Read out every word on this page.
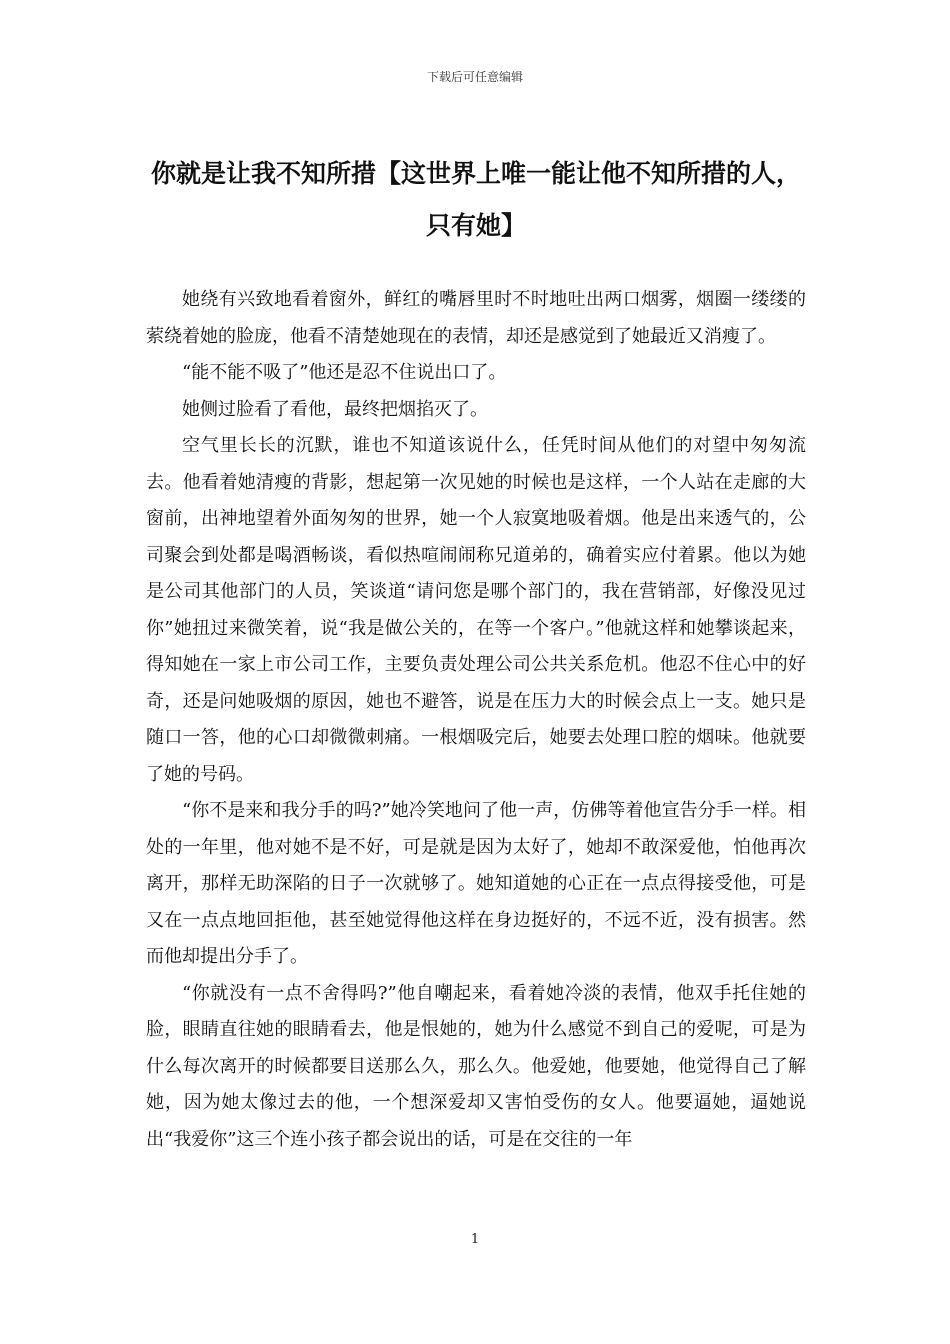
下载后可任意编辑
你就是让我不知所措【这世界上唯一能让他不知所措的人，只有她】

她绕有兴致地看着窗外，鲜红的嘴唇里时不时地吐出两口烟雾，烟圈一缕缕的萦绕着她的脸庞，他看不清楚她现在的表情，却还是感觉到了她最近又消瘦了。

“能不能不吸了”他还是忍不住说出口了。

她侧过脸看了看他，最终把烟掐灭了。

空气里长长的沉默，谁也不知道该说什么，任凭时间从他们的对望中匆匆流去。他看着她清瘦的背影，想起第一次见她的时候也是这样，一个人站在走廊的大窗前，出神地望着外面匆匆的世界，她一个人寂寞地吸着烟。他是出来透气的，公司聚会到处都是喝酒畅谈，看似热喧闹闹称兄道弟的，确着实应付着累。他以为她是公司其他部门的人员，笑谈道“请问您是哪个部门的，我在营销部，好像没见过你”她扭过来微笑着，说“我是做公关的，在等一个客户。”他就这样和她攀谈起来，得知她在一家上市公司工作，主要负责处理公司公共关系危机。他忍不住心中的好奇，还是问她吸烟的原因，她也不避答，说是在压力大的时候会点上一支。她只是随口一答，他的心口却微微刺痛。一根烟吸完后，她要去处理口腔的烟味。他就要了她的号码。

“你不是来和我分手的吗?”她冷笑地问了他一声，仿佛等着他宣告分手一样。相处的一年里，他对她不是不好，可是就是因为太好了，她却不敢深爱他，怕他再次离开，那样无助深陷的日子一次就够了。她知道她的心正在一点点得接受他，可是又在一点点地回拒他，甚至她觉得他这样在身边挺好的，不远不近，没有损害。然而他却提出分手了。

“你就没有一点不舍得吗?”他自嘲起来，看着她冷淡的表情，他双手托住她的脸，眼睛直往她的眼睛看去，他是恨她的，她为什么感觉不到自己的爱呢，可是为什么每次离开的时候都要目送那么久，那么久。他爱她，他要她，他觉得自己了解她，因为她太像过去的他，一个想深爱却又害怕受伤的女人。他要逼她，逼她说出“我爱你”这三个连小孩子都会说出的话，可是在交往的一年

1
